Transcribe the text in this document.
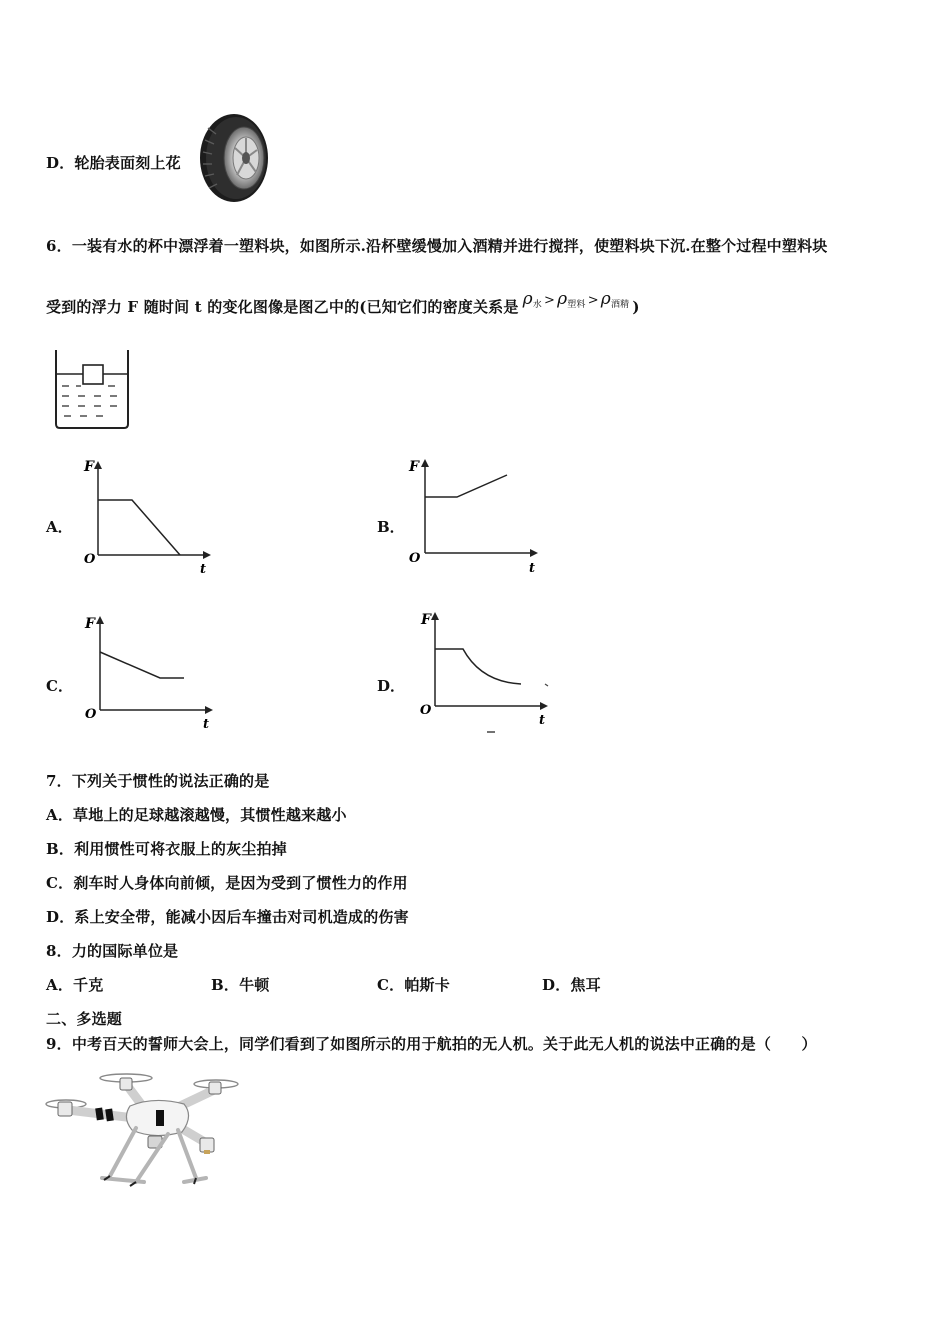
D．轮胎表面刻上花
6．一装有水的杯中漂浮着一塑料块，如图所示.沿杯壁缓慢加入酒精并进行搅拌，使塑料块下沉.在整个过程中塑料块
受到的浮力 F 随时间 t 的变化图像是图乙中的(已知它们的密度关系是 $\rho_水 > \rho_{塑料} > \rho_{酒精}$ )
A．	B．
C．	D．
F
t
O
F
t
O
F
t
O
F
t
O
7．下列关于惯性的说法正确的是
A．草地上的足球越滚越慢，其惯性越来越小
B．利用惯性可将衣服上的灰尘拍掉
C．刹车时人身体向前倾，是因为受到了惯性力的作用
D．系上安全带，能减小因后车撞击对司机造成的伤害
8．力的国际单位是
A．千克	B．牛顿	C．帕斯卡	D．焦耳
二、多选题
9．中考百天的誓师大会上，同学们看到了如图所示的用于航拍的无人机。关于此无人机的说法中正确的是（　　）
